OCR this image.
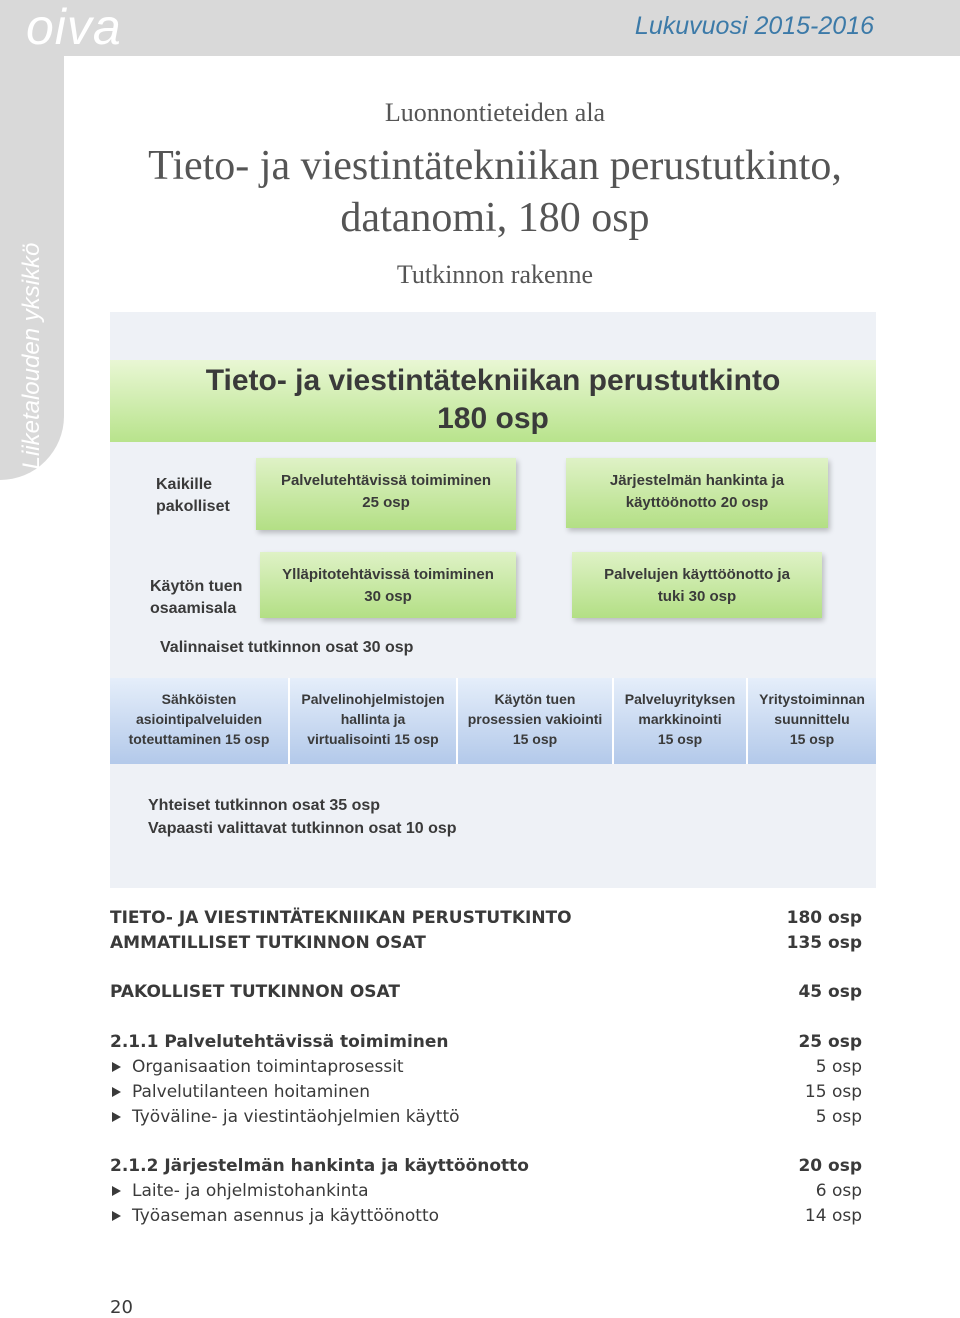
oiva	Lukuvuosi 2015-2016
Liiketalouden yksikkö
Luonnontieteiden ala
Tieto- ja viestintätekniikan perustutkinto,
datanomi, 180 osp
Tutkinnon rakenne
Tieto- ja viestintätekniikan perustutkinto
180 osp
Kaikille
pakolliset
Palvelutehtävissä toimiminen
25 osp
Järjestelmän hankinta ja
käyttöönotto 20 osp
Käytön tuen
osaamisala
Ylläpitotehtävissä toimiminen
30 osp
Palvelujen käyttöönotto ja
tuki 30 osp
Valinnaiset tutkinnon osat 30 osp
Sähköisten
asiointipalveluiden
toteuttaminen 15 osp
Palvelinohjelmistojen
hallinta ja
virtualisointi 15 osp
Käytön tuen
prosessien vakiointi
15 osp
Palveluyrityksen
markkinointi
15 osp
Yritystoiminnan
suunnittelu
15 osp
Yhteiset tutkinnon osat 35 osp
Vapaasti valittavat tutkinnon osat 10 osp
TIETO- JA VIESTINTÄTEKNIIKAN PERUSTUTKINTO	180 osp
AMMATILLISET TUTKINNON OSAT	135 osp
PAKOLLISET TUTKINNON OSAT	45 osp
2.1.1 Palvelutehtävissä toimiminen	25 osp
Organisaation toimintaprosessit	5 osp
Palvelutilanteen hoitaminen	15 osp
Työväline- ja viestintäohjelmien käyttö	5 osp
2.1.2 Järjestelmän hankinta ja käyttöönotto	20 osp
Laite- ja ohjelmistohankinta	6 osp
Työaseman asennus ja käyttöönotto	14 osp
20
